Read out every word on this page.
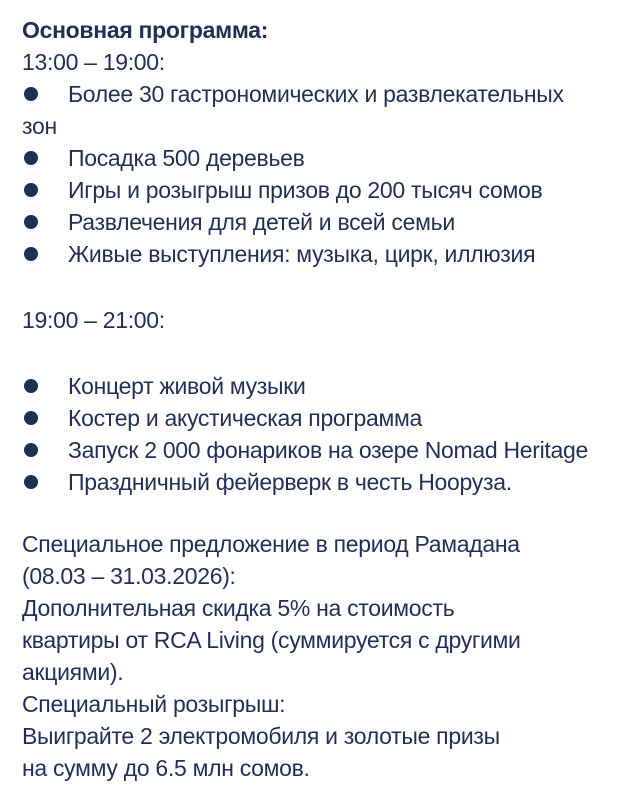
Основная программа:
13:00 – 19:00:
Более 30 гастрономических и развлекательных
зон
Посадка 500 деревьев
Игры и розыгрыш призов до 200 тысяч сомов
Развлечения для детей и всей семьи
Живые выступления: музыка, цирк, иллюзия
19:00 – 21:00:
Концерт живой музыки
Костер и акустическая программа
Запуск 2 000 фонариков на озере Nomad Heritage
Праздничный фейерверк в честь Нооруза.
Специальное предложение в период Рамадана
(08.03 – 31.03.2026):
Дополнительная скидка 5% на стоимость
квартиры от RCA Living (суммируется с другими
акциями).
Специальный розыгрыш:
Выиграйте 2 электромобиля и золотые призы
на сумму до 6.5 млн сомов.
